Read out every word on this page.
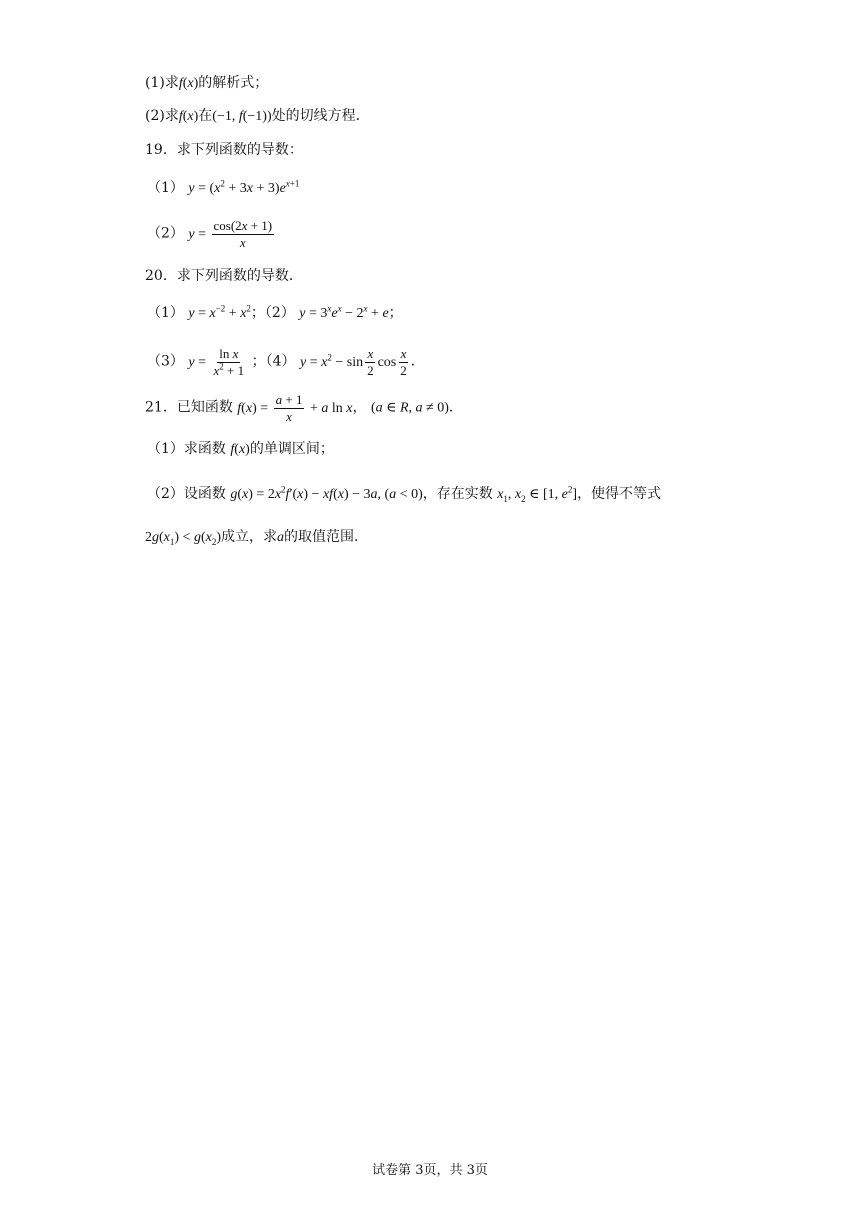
(1)求f(x)的解析式；
(2)求f(x)在(−1, f(−1))处的切线方程．
19．求下列函数的导数：
（1） $y = (x^2 + 3x + 3)e^{x+1}$
（2） $y = \frac{\cos(2x + 1)}{x}$
20．求下列函数的导数．
（1） $y = x^{-2} + x^2$；（2） $y = 3^xe^x - 2^x + e$；
（3） $y = \frac{\text{ln x}}{x^2 + 1}$ ；（4） $y = x^2 - \sin \frac{x}{2}$ $\cos \frac{x}{2}$ ．
21．已知函数 $f(x) = \frac{a + 1}{x} + a$ ln x， (a ∈ R, a ≠ 0)．
（1）求函数 f(x)的单调区间；
（2）设函数 $g(x) = 2x^2f'(x) - xf(x) - 3a$, (a < 0)，存在实数 $x_1$, $x_2$ ∈ [1, $e^2$]，使得不等式
$2g(x_1) < g(x_2)$成立，求a的取值范围．
试卷第 3页，共 3页
